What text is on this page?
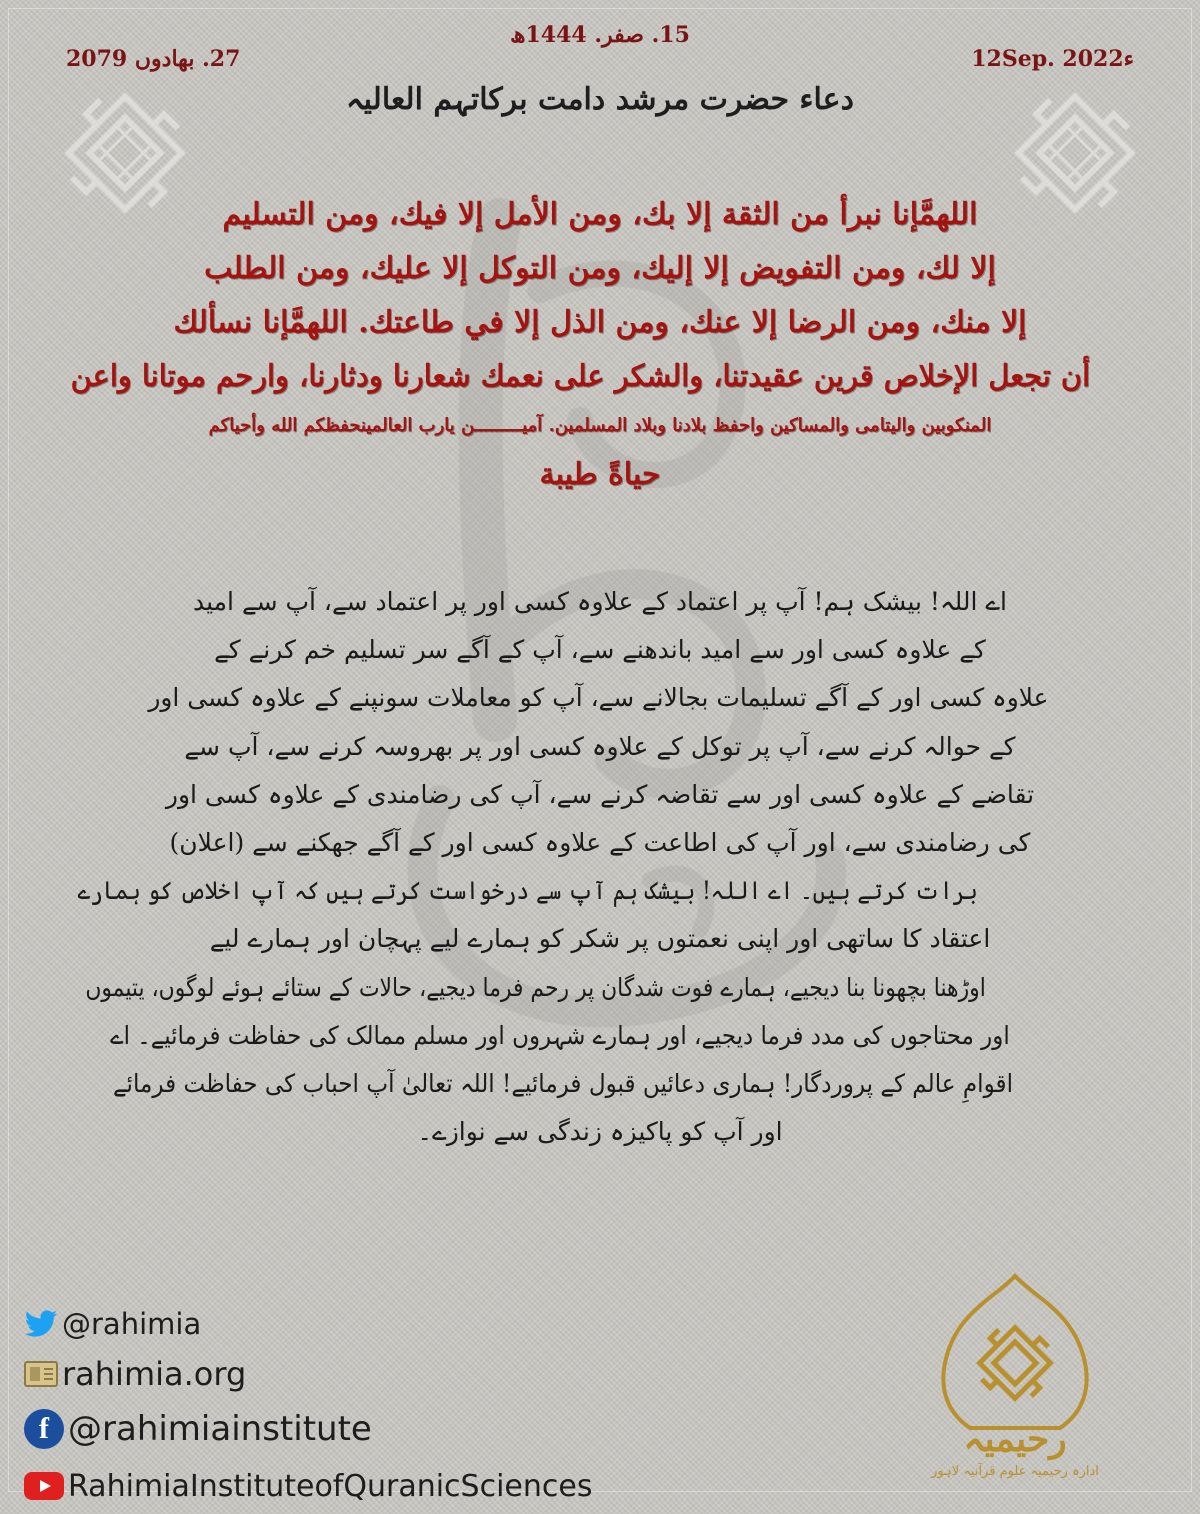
15. صفر. 1444ھ
27. بھادوں 2079	12Sep. 2022ء
دعاء حضرت مرشد دامت برکاتہم العالیہ
اللھمَّإنا نبرأ من الثقة إلا بك، ومن الأمل إلا فيك، ومن التسليم
إلا لك، ومن التفويض إلا إليك، ومن التوكل إلا عليك، ومن الطلب
إلا منك، ومن الرضا إلا عنك، ومن الذل إلا في طاعتك. اللھمَّإنا نسألك
أن تجعل الإخلاص قرين عقيدتنا، والشكر على نعمك شعارنا ودثارنا، وارحم موتانا واعن
المنكوبين واليتامى والمساكين واحفظ بلادنا وبلاد المسلمين. آميـــــــــن يارب العالمينحفظكم الله وأحياكم
حياةً طيبة
اے اللہ! بیشک ہم! آپ پر اعتماد کے علاوہ کسی اور پر اعتماد سے، آپ سے امید
کے علاوہ کسی اور سے امید باندھنے سے، آپ کے آگے سر تسلیم خم کرنے کے
علاوہ کسی اور کے آگے تسلیمات بجالانے سے، آپ کو معاملات سونپنے کے علاوہ کسی اور
کے حوالہ کرنے سے، آپ پر توکل کے علاوہ کسی اور پر بھروسہ کرنے سے، آپ سے
تقاضے کے علاوہ کسی اور سے تقاضہ کرنے سے، آپ کی رضامندی کے علاوہ کسی اور
کی رضامندی سے، اور آپ کی اطاعت کے علاوہ کسی اور کے آگے جھکنے سے (اعلان)
برات کرتے ہیں۔ اے اللہ! بیشک ہم آپ سے درخواست کرتے ہیں کہ آپ اخلاص کو ہمارے
اعتقاد کا ساتھی اور اپنی نعمتوں پر شکر کو ہمارے لیے پہچان اور ہمارے لیے
اوڑھنا بچھونا بنا دیجیے، ہمارے فوت شدگان پر رحم فرما دیجیے، حالات کے ستائے ہوئے لوگوں، یتیموں
اور محتاجوں کی مدد فرما دیجیے، اور ہمارے شہروں اور مسلم ممالک کی حفاظت فرمائیے۔ اے
اقوامِ عالم کے پروردگار! ہماری دعائیں قبول فرمائیے! اللہ تعالیٰ آپ احباب کی حفاظت فرمائے
اور آپ کو پاکیزہ زندگی سے نوازے۔
@rahimia
rahimia.org
f @rahimiainstitute
RahimiaInstituteofQuranicSciences
رحیمیہ
ادارہ رحیمیہ علوم قرآنیہ لاہور
